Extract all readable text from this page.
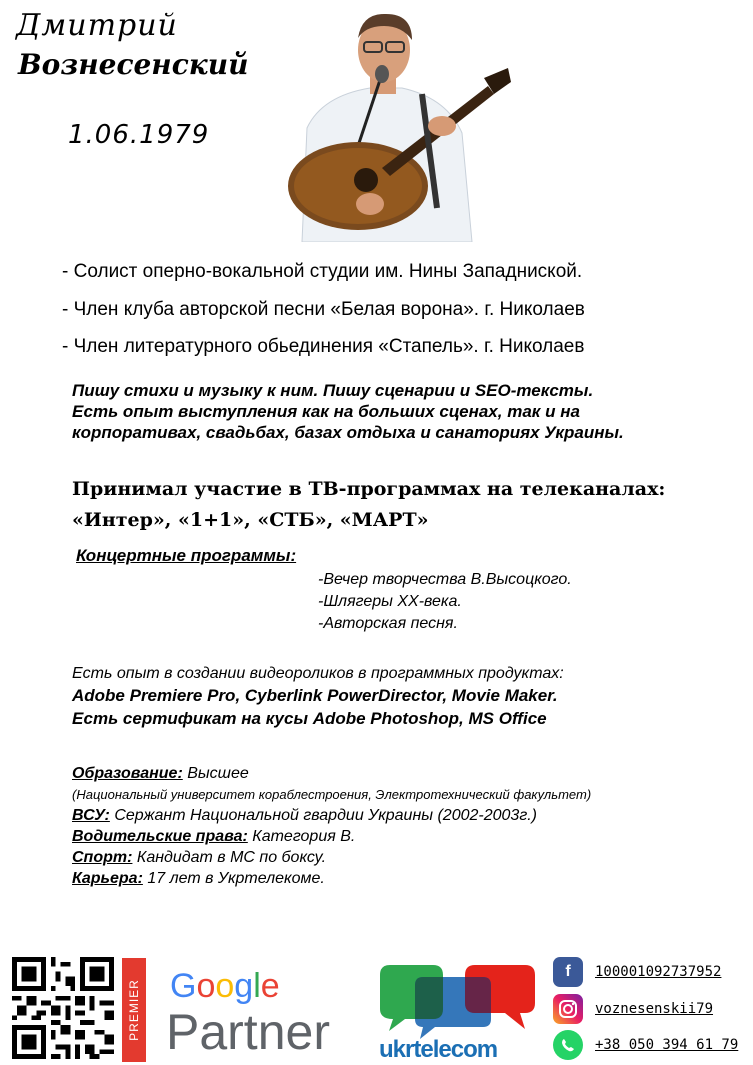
Дмитрий
Вознесенский
1.06.1979
- Солист оперно-вокальной студии им. Нины Западниской.
- Член клуба авторской песни «Белая ворона». г. Николаев
- Член литературного обьединения «Стапель». г. Николаев
Пишу стихи и музыку к ним. Пишу сценарии и SEO-тексты.
Есть опыт выступления как на больших сценах, так и на
корпоративах, свадьбах, базах отдыха и санаториях Украины.
Принимал участие в ТВ-программах на телеканалах:
«Интер», «1+1», «СТБ», «МАРТ»
Концертные программы:
-Вечер творчества В.Высоцкого.
-Шлягеры XX-века.
-Авторская песня.
Есть опыт в создании видеороликов в программных продуктах:
Adobe Premiere Pro, Cyberlink PowerDirector, Movie Maker.
Есть сертификат на кусы Adobe Photoshop, MS Office
Образование: Высшее
(Национальный университет кораблестроения, Электротехнический факультет)
ВСУ: Сержант Национальной гвардии Украины (2002-2003г.)
Водительские права: Категория В.
Спорт: Кандидат в МС по боксу.
Карьера: 17 лет в Укртелекоме.
PREMIER Google
Partner ukrtelecom
f	100001092737952
voznesenskii79
+38 050 394 61 79
